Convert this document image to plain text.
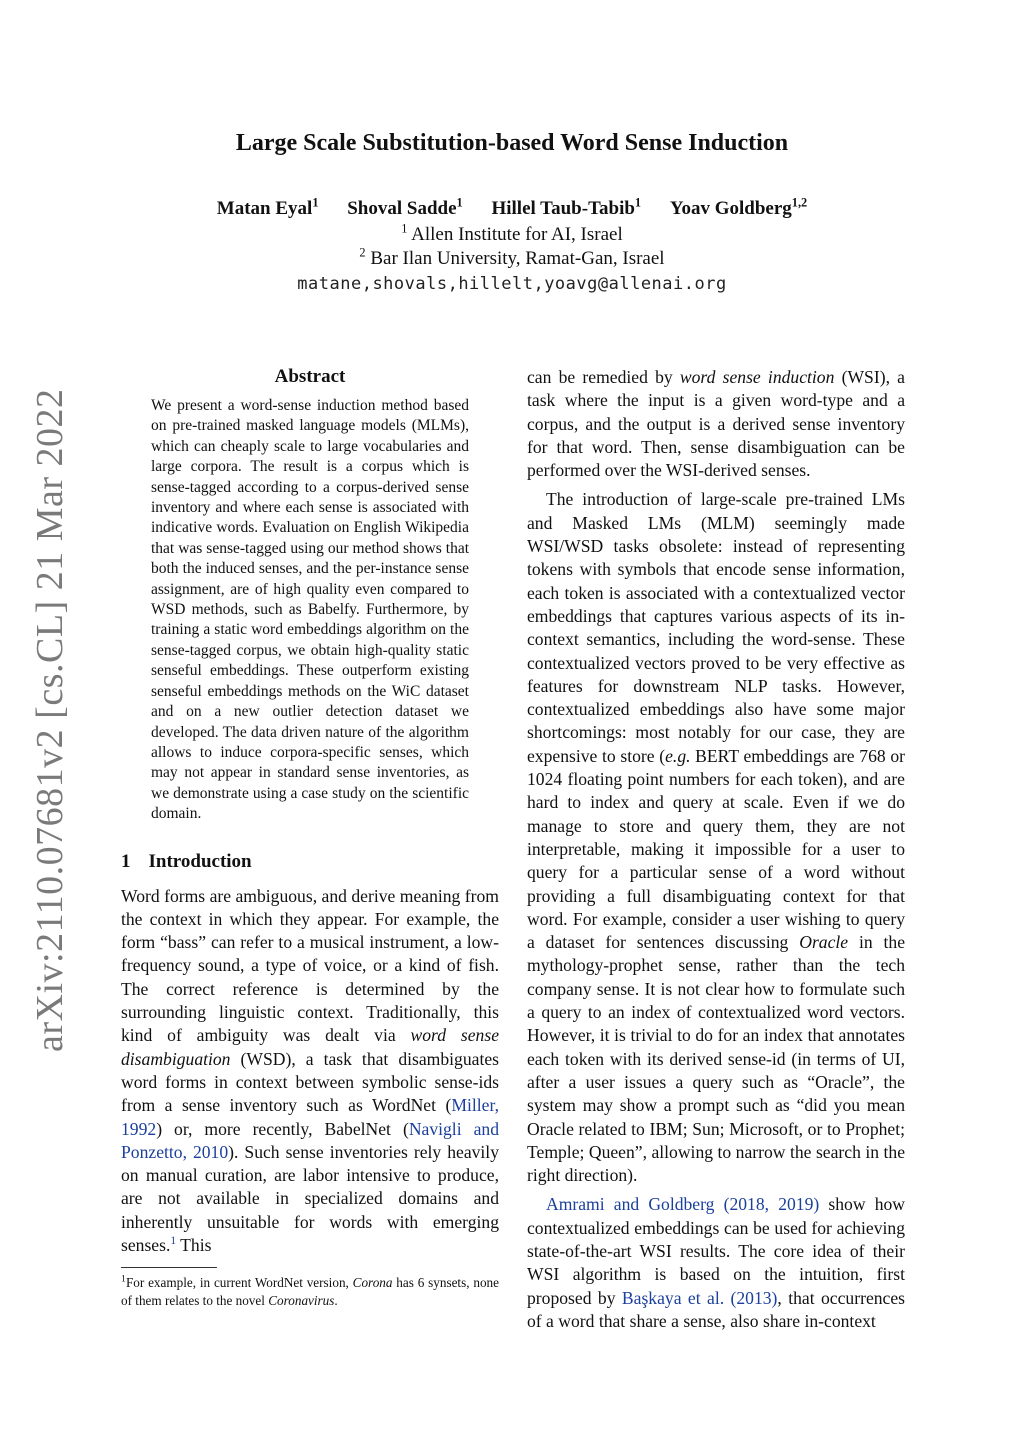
arXiv:2110.07681v2 [cs.CL] 21 Mar 2022
Large Scale Substitution-based Word Sense Induction
Matan Eyal$^1$ Shoval Sadde$^1$ Hillel Taub-Tabib$^1$ Yoav Goldberg$^{1,2}$
$^1$ Allen Institute for AI, Israel
$^2$ Bar Ilan University, Ramat-Gan, Israel
matane,shovals,hillelt,yoavg@allenai.org
Abstract

We present a word-sense induction method based on pre-trained masked language models (MLMs), which can cheaply scale to large vocabularies and large corpora. The result is a corpus which is sense-tagged according to a corpus-derived sense inventory and where each sense is associated with indicative words. Evaluation on English Wikipedia that was sense-tagged using our method shows that both the induced senses, and the per-instance sense assignment, are of high quality even compared to WSD methods, such as Babelfy. Furthermore, by training a static word embeddings algorithm on the sense-tagged corpus, we obtain high-quality static senseful embeddings. These outperform existing senseful embeddings methods on the WiC dataset and on a new outlier detection dataset we developed. The data driven nature of the algorithm allows to induce corpora-specific senses, which may not appear in standard sense inventories, as we demonstrate using a case study on the scientific domain.

1 Introduction

Word forms are ambiguous, and derive meaning from the context in which they appear. For example, the form “bass” can refer to a musical instrument, a low-frequency sound, a type of voice, or a kind of fish. The correct reference is determined by the surrounding linguistic context. Traditionally, this kind of ambiguity was dealt via word sense disambiguation (WSD), a task that disambiguates word forms in context between symbolic sense-ids from a sense inventory such as WordNet (Miller, 1992) or, more recently, BabelNet (Navigli and Ponzetto, 2010). Such sense inventories rely heavily on manual curation, are labor intensive to produce, are not available in specialized domains and inherently unsuitable for words with emerging senses.$^1$ This

$^1$For example, in current WordNet version, Corona has 6 synsets, none of them relates to the novel Coronavirus.

can be remedied by word sense induction (WSI), a task where the input is a given word-type and a corpus, and the output is a derived sense inventory for that word. Then, sense disambiguation can be performed over the WSI-derived senses.

The introduction of large-scale pre-trained LMs and Masked LMs (MLM) seemingly made WSI/WSD tasks obsolete: instead of representing tokens with symbols that encode sense information, each token is associated with a contextualized vector embeddings that captures various aspects of its in-context semantics, including the word-sense. These contextualized vectors proved to be very effective as features for downstream NLP tasks. However, contextualized embeddings also have some major shortcomings: most notably for our case, they are expensive to store (e.g. BERT embeddings are 768 or 1024 floating point numbers for each token), and are hard to index and query at scale. Even if we do manage to store and query them, they are not interpretable, making it impossible for a user to query for a particular sense of a word without providing a full disambiguating context for that word. For example, consider a user wishing to query a dataset for sentences discussing Oracle in the mythology-prophet sense, rather than the tech company sense. It is not clear how to formulate such a query to an index of contextualized word vectors. However, it is trivial to do for an index that annotates each token with its derived sense-id (in terms of UI, after a user issues a query such as “Oracle”, the system may show a prompt such as “did you mean Oracle related to IBM; Sun; Microsoft, or to Prophet; Temple; Queen”, allowing to narrow the search in the right direction).

Amrami and Goldberg (2018, 2019) show how contextualized embeddings can be used for achieving state-of-the-art WSI results. The core idea of their WSI algorithm is based on the intuition, first proposed by Başkaya et al. (2013), that occurrences of a word that share a sense, also share in-context
